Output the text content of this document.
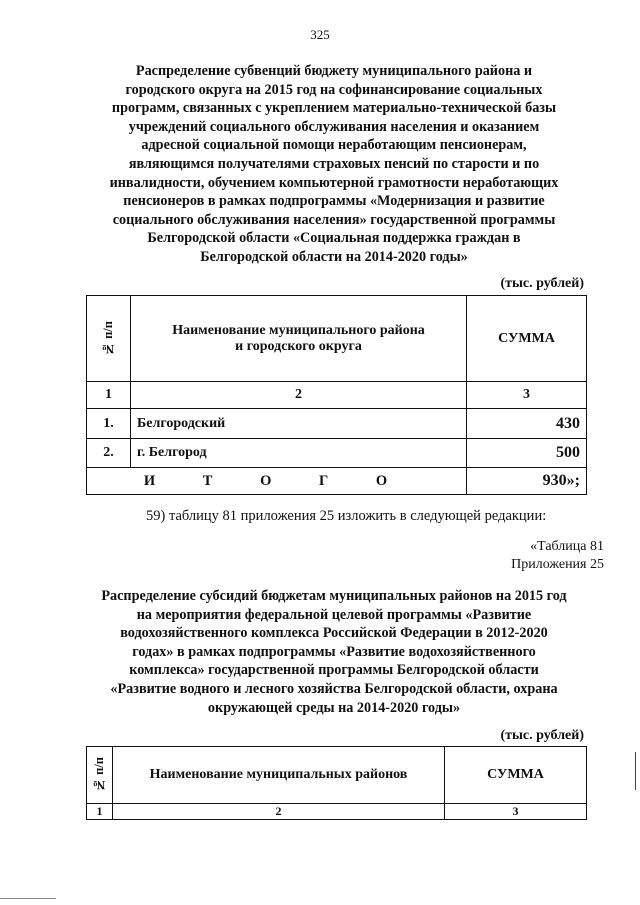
325
Распределение субвенций бюджету муниципального района и
городского округа на 2015 год на софинансирование социальных
программ, связанных с укреплением материально-технической базы
учреждений социального обслуживания населения и оказанием
адресной социальной помощи неработающим пенсионерам,
являющимся получателями страховых пенсий по старости и по
инвалидности, обучением компьютерной грамотности неработающих
пенсионеров в рамках подпрограммы «Модернизация и развитие
социального обслуживания населения» государственной программы
Белгородской области «Социальная поддержка граждан в
Белгородской области на 2014-2020 годы»
(тыс. рублей)
№ п/п	Наименование муниципального района и городского округа	СУММА
1	2	3
1.	Белгородский	430
2.	г. Белгород	500
И Т О Г О		930»;
59) таблицу 81 приложения 25 изложить в следующей редакции:
«Таблица 81
Приложения 25
Распределение субсидий бюджетам муниципальных районов на 2015 год
на мероприятия федеральной целевой программы «Развитие
водохозяйственного комплекса Российской Федерации в 2012-2020
годах» в рамках подпрограммы «Развитие водохозяйственного
комплекса» государственной программы Белгородской области
«Развитие водного и лесного хозяйства Белгородской области, охрана
окружающей среды на 2014-2020 годы»
(тыс. рублей)
№ п/п	Наименование муниципальных районов	СУММА
1	2	3
